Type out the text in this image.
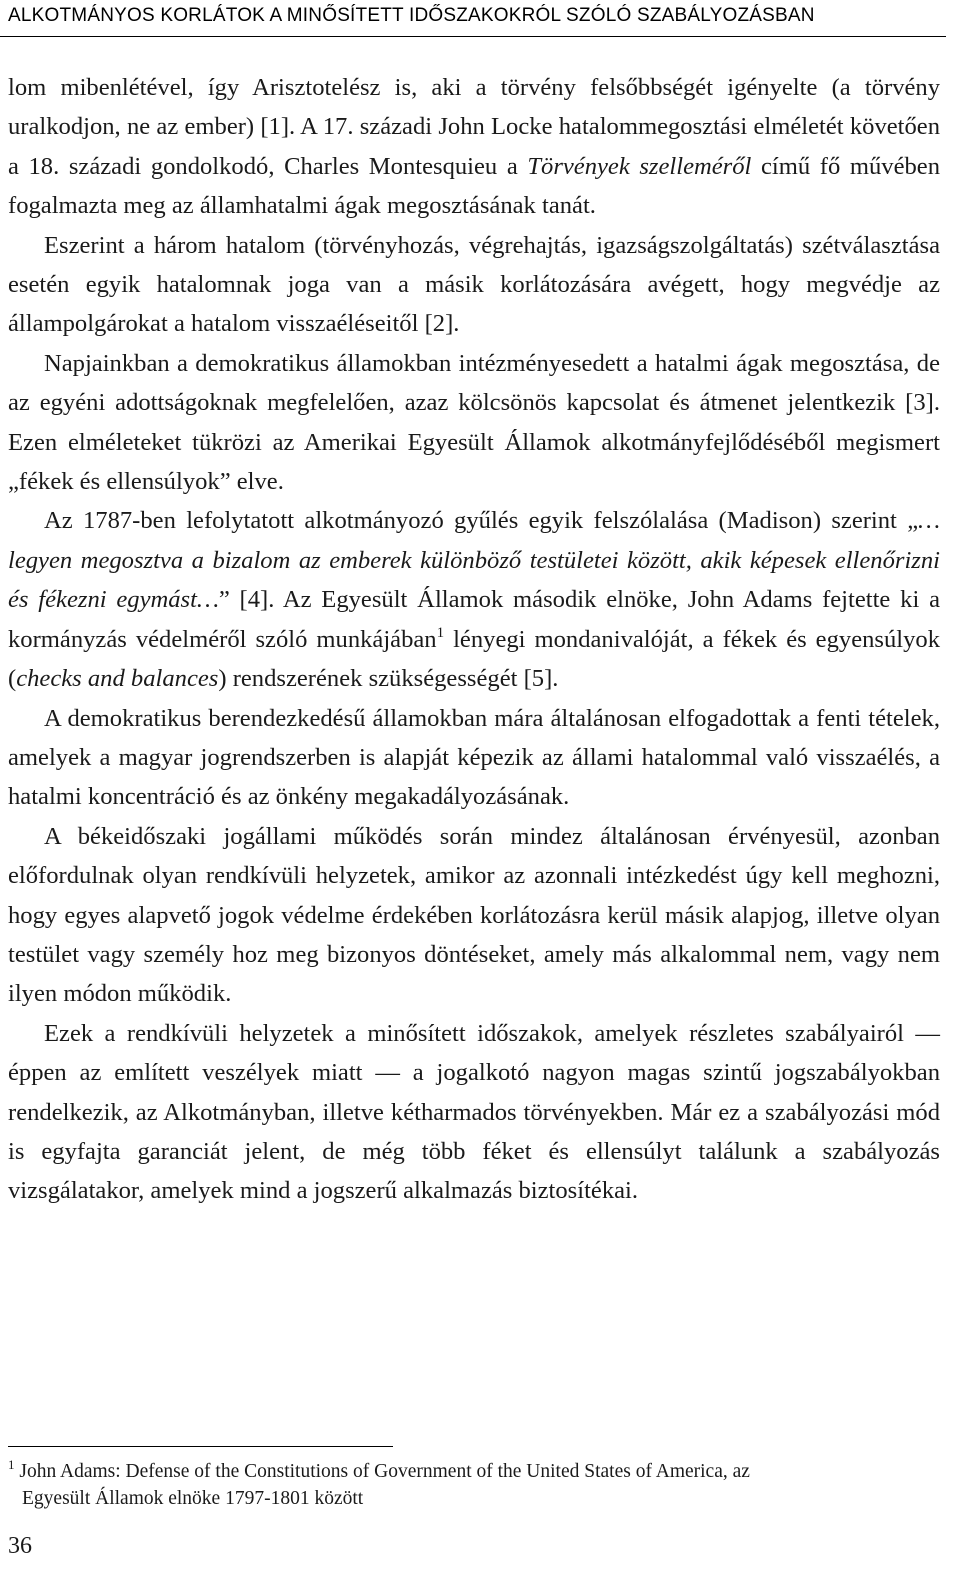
ALKOTMÁNYOS KORLÁTOK A MINŐSÍTETT IDŐSZAKOKRÓL SZÓLÓ SZABÁLYOZÁSBAN

lom mibenlétével, így Arisztotelész is, aki a törvény felsőbbségét igényelte (a törvény uralkodjon, ne az ember) [1]. A 17. századi John Locke hatalommegosztási elméletét követően a 18. századi gondolkodó, Charles Montesquieu a Törvények szelleméről című fő művében fogalmazta meg az államhatalmi ágak megosztásának tanát.

Eszerint a három hatalom (törvényhozás, végrehajtás, igazságszolgáltatás) szétválasztása esetén egyik hatalomnak joga van a másik korlátozására avégett, hogy megvédje az állampolgárokat a hatalom visszaéléseitől [2].

Napjainkban a demokratikus államokban intézményesedett a hatalmi ágak megosztása, de az egyéni adottságoknak megfelelően, azaz kölcsönös kapcsolat és átmenet jelentkezik [3]. Ezen elméleteket tükrözi az Amerikai Egyesült Államok alkotmányfejlődéséből megismert „fékek és ellensúlyok” elve.

Az 1787-ben lefolytatott alkotmányozó gyűlés egyik felszólalása (Madison) szerint „…legyen megosztva a bizalom az emberek különböző testületei között, akik képesek ellenőrizni és fékezni egymást…” [4]. Az Egyesült Államok második elnöke, John Adams fejtette ki a kormányzás védelméről szóló munkájában$^1$ lényegi mondanivalóját, a fékek és egyensúlyok (checks and balances) rendszerének szükségességét [5].

A demokratikus berendezkedésű államokban mára általánosan elfogadottak a fenti tételek, amelyek a magyar jogrendszerben is alapját képezik az állami hatalommal való visszaélés, a hatalmi koncentráció és az önkény megakadályozásának.

A békeidőszaki jogállami működés során mindez általánosan érvényesül, azonban előfordulnak olyan rendkívüli helyzetek, amikor az azonnali intézkedést úgy kell meghozni, hogy egyes alapvető jogok védelme érdekében korlátozásra kerül másik alapjog, illetve olyan testület vagy személy hoz meg bizonyos döntéseket, amely más alkalommal nem, vagy nem ilyen módon működik.

Ezek a rendkívüli helyzetek a minősített időszakok, amelyek részletes szabályairól — éppen az említett veszélyek miatt — a jogalkotó nagyon magas szintű jogszabályokban rendelkezik, az Alkotmányban, illetve kétharmados törvényekben. Már ez a szabályozási mód is egyfajta garanciát jelent, de még több féket és ellensúlyt találunk a szabályozás vizsgálatakor, amelyek mind a jogszerű alkalmazás biztosítékai.

$^1$ John Adams: Defense of the Constitutions of Government of the United States of America, az
Egyesült Államok elnöke 1797-1801 között
36
